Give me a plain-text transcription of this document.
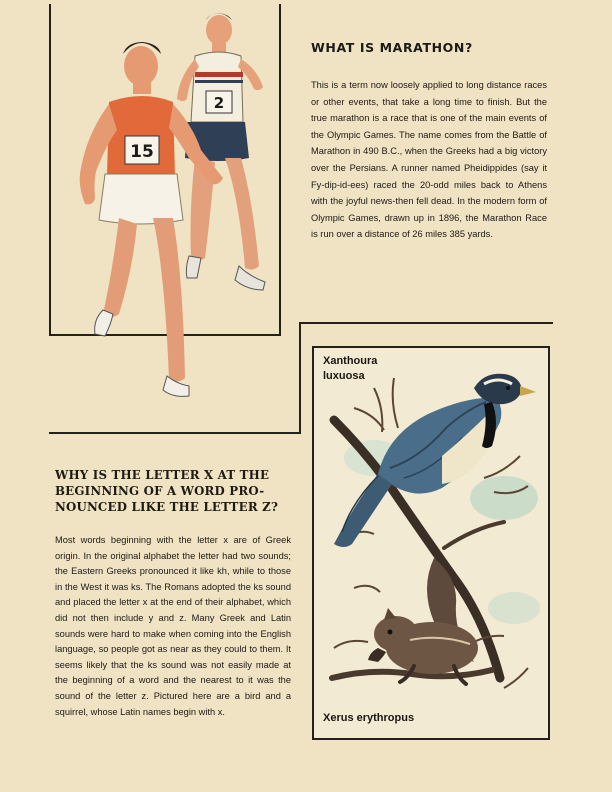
2
15
WHAT IS MARATHON?

This is a term now loosely applied to long distance races or other events, that take a long time to finish. But the true marathon is a race that is one of the main events of the Olympic Games. The name comes from the Battle of Marathon in 490 B.C., when the Greeks had a big victory over the Persians. A runner named Pheidippides (say it Fy-dip-id-ees) raced the 20-odd miles back to Athens with the joyful news-then fell dead. In the modern form of Olympic Games, drawn up in 1896, the Marathon Race is run over a distance of 26 miles 385 yards.

WHY IS THE LETTER X AT THE BEGINNING OF A WORD PRO-NOUNCED LIKE THE LETTER Z?

Most words beginning with the letter x are of Greek origin. In the original alphabet the letter had two sounds; the Eastern Greeks pronounced it like kh, while to those in the West it was ks. The Romans adopted the ks sound and placed the letter x at the end of their alphabet, which did not then include y and z. Many Greek and Latin sounds were hard to make when coming into the English language, so people got as near as they could to them. It seems likely that the ks sound was not easily made at the beginning of a word and the nearest to it was the sound of the letter z. Pictured here are a bird and a squirrel, whose Latin names begin with x.

Xanthoura
luxuosa

Xerus erythropus
